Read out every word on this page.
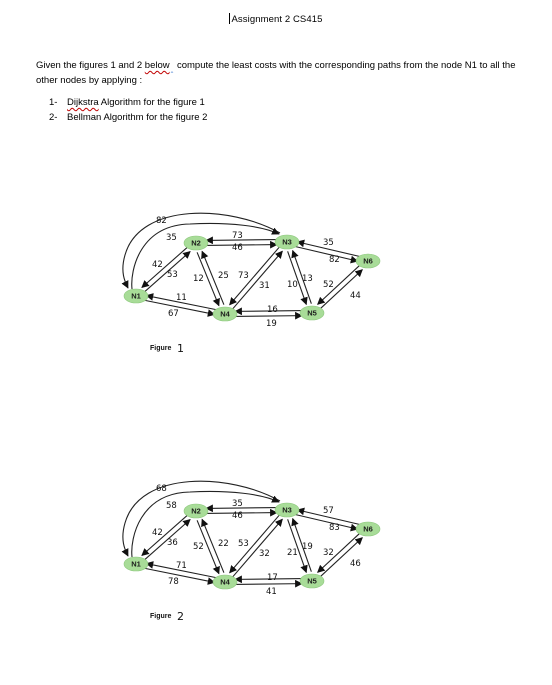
Assignment 2 CS415
Given the figures 1 and 2 below$_‸$ compute the least costs with the corresponding paths from the node N1 to all the other nodes by applying :
1- Dijkstra Algorithm for the figure 1
2- Bellman Algorithm for the figure 2
N1
N2	N3
N4	N5
N6
82
35
42
53 12 25
73
46
73
31 10
13
35
82
52
44
11
67	16
19
Figure 1
N1
N2	N3
N4	N5
N6
68
58
42
36 52 22
35
46
53
32 21
19
57
83
32
46
71
78	17
41
Figure 2
